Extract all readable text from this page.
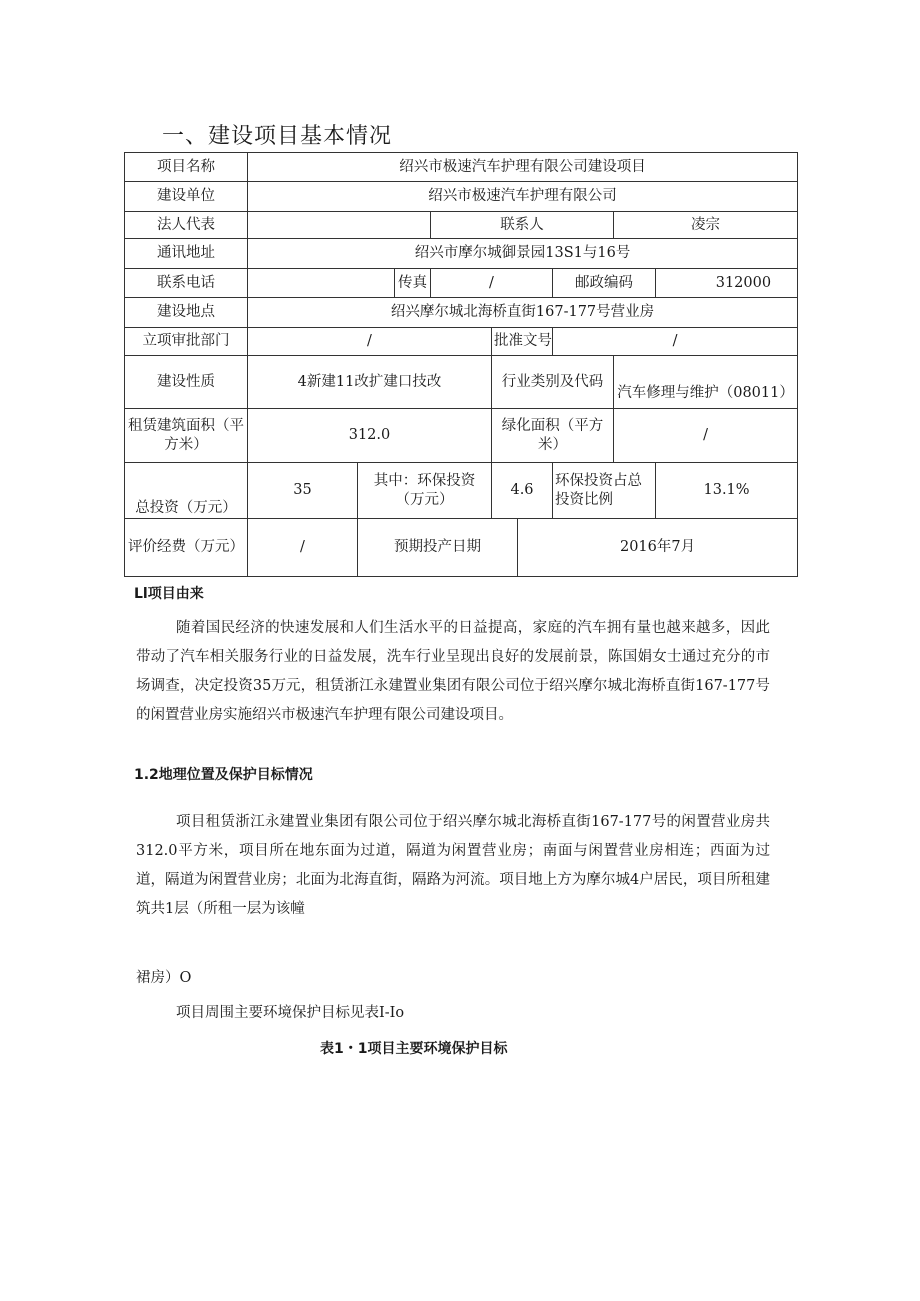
一、建设项目基本情况
项目名称	绍兴市极速汽车护理有限公司建设项目								
建设单位	绍兴市极速汽车护理有限公司								
法人代表				联系人				凌宗	
通讯地址	绍兴市摩尔城御景园13S1与16号								
联系电话			传真	/			邮政编码		312000
建设地点	绍兴摩尔城北海桥直街167-177号营业房								
立项审批部门	/				批准文号		/		
建设性质	4新建11改扩建口技改				行业类别及代码			汽车修理与维护（08011）	
租赁建筑面积（平方米）	312.0				绿化面积（平方米）			/	
总投资（万元）	35	其中：环保投资（万元）			4.6		环保投资占总投资比例		13.1%
评价经费（万元）	/	预期投产日期				2016年7月			
Ll项目由来
随着国民经济的快速发展和人们生活水平的日益提高，家庭的汽车拥有量也越来越多，因此带动了汽车相关服务行业的日益发展，洗车行业呈现出良好的发展前景，陈国娟女士通过充分的市场调查，决定投资35万元，租赁浙江永建置业集团有限公司位于绍兴摩尔城北海桥直街167-177号的闲置营业房实施绍兴市极速汽车护理有限公司建设项目。
1.2地理位置及保护目标情况
项目租赁浙江永建置业集团有限公司位于绍兴摩尔城北海桥直街167-177号的闲置营业房共312.0平方米，项目所在地东面为过道，隔道为闲置营业房；南面与闲置营业房相连；西面为过道，隔道为闲置营业房；北面为北海直街，隔路为河流。项目地上方为摩尔城4户居民，项目所租建筑共1层（所租一层为该幢
裙房）O
项目周围主要环境保护目标见表I-Io
表1・1项目主要环境保护目标
